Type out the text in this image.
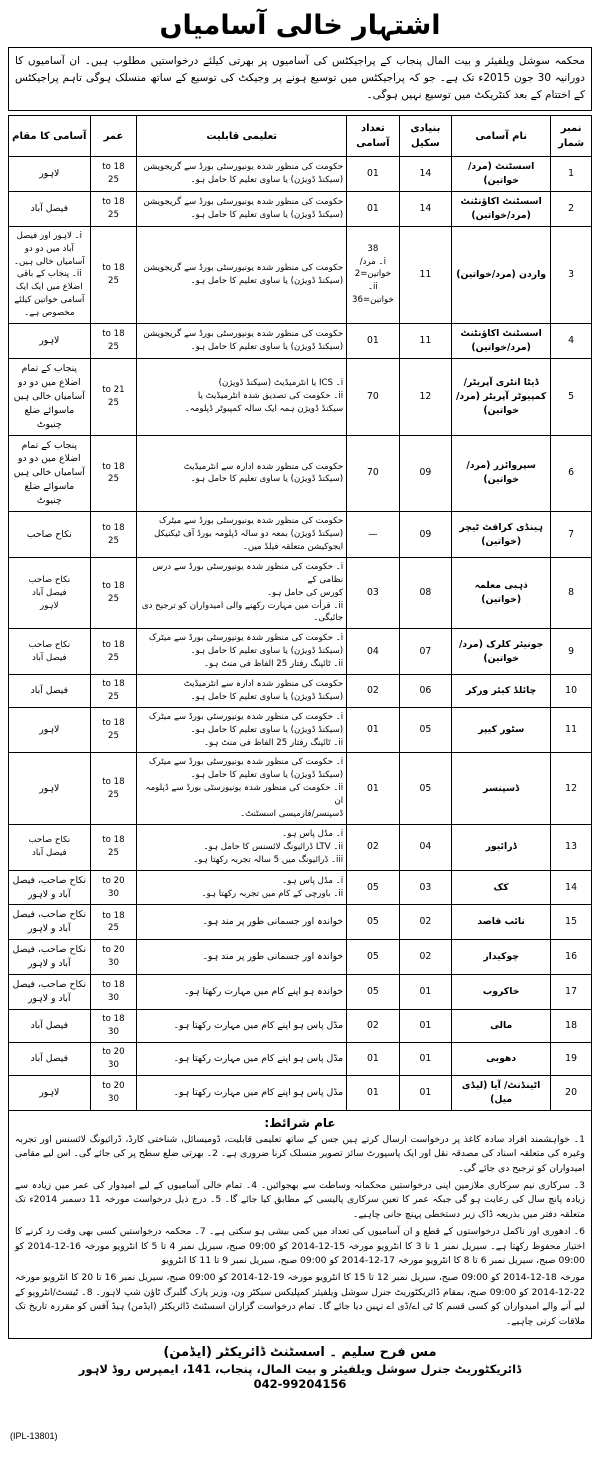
اشتہار خالی آسامیاں
محکمہ سوشل ویلفیئر و بیت المال پنجاب کے پراجیکٹس کی آسامیوں پر بھرتی کیلئے درخواستیں مطلوب ہیں۔ ان آسامیوں کا دورانیہ 30 جون 2015ء تک ہے۔ جو کہ پراجیکٹس میں توسیع ہونے پر وجیکٹ کی توسیع کے ساتھ منسلک ہوگی تاہم پراجیکٹس کے اختتام کے بعد کنٹریکٹ میں توسیع نہیں ہوگی۔
نمبر شمار	نام آسامی	بنیادی سکیل	تعداد آسامی	تعلیمی قابلیت	عمر	آسامی کا مقام
1	اسسٹنٹ (مرد/خواتین)	14	01	حکومت کی منظور شدہ یونیورسٹی بورڈ سے گریجویشن
(سیکنڈ ڈویژن) یا ساوی تعلیم کا حامل ہو۔	18 to
25	لاہور

2	اسسٹنٹ اکاؤنٹنٹ (مرد/خواتین)	14	01	حکومت کی منظور شدہ یونیورسٹی بورڈ سے گریجویشن
(سیکنڈ ڈویژن) یا ساوی تعلیم کا حامل ہو۔	18 to
25	فیصل آباد

3	واردن (مرد/خواتین)	11	38
i۔ مرد/خواتین=2
ii۔ خواتین=36	حکومت کی منظور شدہ یونیورسٹی بورڈ سے گریجویشن
(سیکنڈ ڈویژن) یا ساوی تعلیم کا حامل ہو۔	18 to
25	i۔ لاہور اور فیصل آباد میں دو دو آسامیاں خالی ہیں۔
ii۔ پنجاب کے باقی اضلاع میں ایک ایک آسامی خواتین کیلئے مخصوص ہے۔

4	اسسٹنٹ اکاؤنٹنٹ (مرد/خواتین)	11	01	حکومت کی منظور شدہ یونیورسٹی بورڈ سے گریجویشن
(سیکنڈ ڈویژن) یا ساوی تعلیم کا حامل ہو۔	18 to
25	لاہور

5	ڈیٹا انٹری آپریٹر/ کمپیوٹر آپریٹر (مرد/خواتین)	12	70	i۔ ICS یا انٹرمیڈیٹ (سیکنڈ ڈویژن)
ii۔ حکومت کی تصدیق شدہ انٹرمیڈیٹ یا
سیکنڈ ڈویژن ہمہ ایک سالہ کمپیوٹر ڈپلومہ۔	21 to
25	پنجاب کے تمام اضلاع میں دو دو آسامیاں خالی ہیں ماسوائے ضلع چنیوٹ

6	سپروائزر (مرد/خواتین)	09	70	حکومت کی منظور شدہ ادارہ سے انٹرمیڈیٹ
(سیکنڈ ڈویژن) یا ساوی تعلیم کا حامل ہو۔	18 to
25	پنجاب کے تمام اضلاع میں دو دو آسامیاں خالی ہیں ماسوائے ضلع چنیوٹ

7	ہینڈی کرافٹ ٹیچر (خواتین)	09	—	حکومت کی منظور شدہ یونیورسٹی بورڈ سے میٹرک
(سیکنڈ ڈویژن) بمعہ دو سالہ ڈپلومہ بورڈ آف ٹیکنیکل
ایجوکیشن متعلقہ فیلڈ میں۔	18 to
25	نکاح صاحب

8	ذہبی معلمہ (خواتین)	08	03	i۔ حکومت کی منظور شدہ یونیورسٹی بورڈ سے درس نظامی کے
کورس کی حامل ہو۔
ii۔ قرأت میں مہارت رکھنے والی امیدواران کو ترجیح دی
جائیگی۔	18 to
25	نکاح صاحب
فیصل آباد
لاہور

9	جونیئر کلرک (مرد/خواتین)	07	04	i۔ حکومت کی منظور شدہ یونیورسٹی بورڈ سے میٹرک
(سیکنڈ ڈویژن) یا ساوی تعلیم کا حامل ہو۔
ii۔ ٹائپنگ رفتار 25 الفاظ فی منٹ ہو۔	18 to
25	نکاح صاحب
فیصل آباد

10	چائلڈ کیئر ورکر	06	02	حکومت کی منظور شدہ ادارہ سے انٹرمیڈیٹ
(سیکنڈ ڈویژن) یا ساوی تعلیم کا حامل ہو۔	18 to
25	فیصل آباد

11	سٹور کیپر	05	01	i۔ حکومت کی منظور شدہ یونیورسٹی بورڈ سے میٹرک
(سیکنڈ ڈویژن) یا ساوی تعلیم کا حامل ہو۔
ii۔ ٹائپنگ رفتار 25 الفاظ فی منٹ ہو۔	18 to
25	لاہور

12	ڈسپنسر	05	01	i۔ حکومت کی منظور شدہ یونیورسٹی بورڈ سے میٹرک
(سیکنڈ ڈویژن) یا ساوی تعلیم کا حامل ہو۔
ii۔ حکومت کی منظور شدہ یونیورسٹی بورڈ سے ڈپلومہ ان
ڈسپنسر/فارمیسی اسسٹنٹ۔	18 to
25	لاہور

13	ڈرائیور	04	02	i۔ مڈل پاس ہو۔
ii۔ LTV ڈرائیونگ لائسنس کا حامل ہو۔
iii۔ ڈرائیونگ میں 5 سالہ تجربہ رکھتا ہو۔	18 to
25	نکاح صاحب
فیصل آباد

14	کک	03	05	i۔ مڈل پاس ہو۔
ii۔ باورچی کے کام میں تجربہ رکھتا ہو۔	20 to
30	نکاح صاحب، فیصل آباد و لاہور

15	نائب قاصد	02	05	خواندہ اور جسمانی طور پر مند ہو۔	18 to
25	نکاح صاحب، فیصل آباد و لاہور

16	چوکیدار	02	05	خواندہ اور جسمانی طور پر مند ہو۔	20 to
30	نکاح صاحب، فیصل آباد و لاہور

17	خاکروب	01	05	خواندہ ہو اپنے کام میں مہارت رکھتا ہو۔	18 to
30	نکاح صاحب، فیصل آباد و لاہور

18	مالی	01	02	مڈل پاس ہو اپنے کام میں مہارت رکھتا ہو۔	18 to
30	فیصل آباد

19	دھوبی	01	01	مڈل پاس ہو اپنے کام میں مہارت رکھتا ہو۔	20 to
30	فیصل آباد

20	اٹینڈنٹ/ آیا (لیڈی میل)	01	01	مڈل پاس ہو اپنے کام میں مہارت رکھتا ہو۔	20 to
30	لاہور
عام شرائط:

1۔ خواہشمند افراد سادہ کاغذ پر درخواست ارسال کرتے ہیں جس کے ساتھ تعلیمی قابلیت، ڈومیسائل، شناختی کارڈ، ڈرائیونگ لائسنس اور تجربہ وغیرہ کی متعلقہ اسناد کی مصدقہ نقل اور ایک پاسپورٹ سائز تصویر منسلک کرنا ضروری ہے۔ 2۔ بھرتی ضلع سطح پر کی جائے گی۔ اس لیے مقامی امیدواران کو ترجیح دی جائے گی۔

3۔ سرکاری نیم سرکاری ملازمین اپنی درخواستیں محکمانہ وساطت سے بھجوائیں۔ 4۔ تمام خالی آسامیوں کے لیے امیدوار کی عمر میں زیادہ سے زیادہ پانچ سال کی رعایت ہو گی جبکہ عمر کا تعین سرکاری پالیسی کے مطابق کیا جائے گا۔ 5۔ درج ذیل درخواست مورخہ 11 دسمبر 2014ء تک متعلقہ دفتر میں بذریعہ ڈاک زیر دستخطی پہنچ جانی چاہیے۔

6۔ ادھوری اور ناکمل درخواستوں کے قطع و ان آسامیوں کی تعداد میں کمی بیشی ہو سکتی ہے۔ 7۔ محکمہ درخواستیں کسی بھی وقت رد کرنے کا اختیار محفوظ رکھتا ہے۔ سیریل نمبر 1 تا 3 کا انٹرویو مورخہ 15-12-2014 کو 09:00 صبح، سیریل نمبر 4 تا 5 کا انٹرویو مورخہ 16-12-2014 کو 09:00 صبح، سیریل نمبر 6 تا 8 کا انٹرویو مورخہ 17-12-2014 کو 09:00 صبح، سیریل نمبر 9 تا 11 کا انٹرویو

مورخہ 18-12-2014 کو 09:00 صبح، سیریل نمبر 12 تا 15 کا انٹرویو مورخہ 19-12-2014 کو 09:00 صبح، سیریل نمبر 16 تا 20 کا انٹرویو مورخہ 22-12-2014 کو 09:00 صبح، بمقام ڈائریکٹوریٹ جنرل سوشل ویلفیئر کمپلیکس سیکٹر ون، وزیر پارک گلبرگ ٹاؤن شپ لاہور۔ 8۔ ٹیسٹ/انٹرویو کے لیے آنے والے امیدواران کو کسی قسم کا ٹی اے/ڈی اے نہیں دیا جائے گا۔ تمام درخواست گزاران اسسٹنٹ ڈائریکٹر (ایڈمن) ہیڈ آفس کو مقررہ تاریخ تک ملاقات کرنی چاہیے۔

مس فرح سلیم ۔ اسسٹنٹ ڈائریکٹر (ایڈمن)
ڈائریکٹوریٹ جنرل سوشل ویلفیئر و بیت المال، پنجاب، 141، ایمپرس روڈ لاہور
042-99204156
(IPL-13801)
